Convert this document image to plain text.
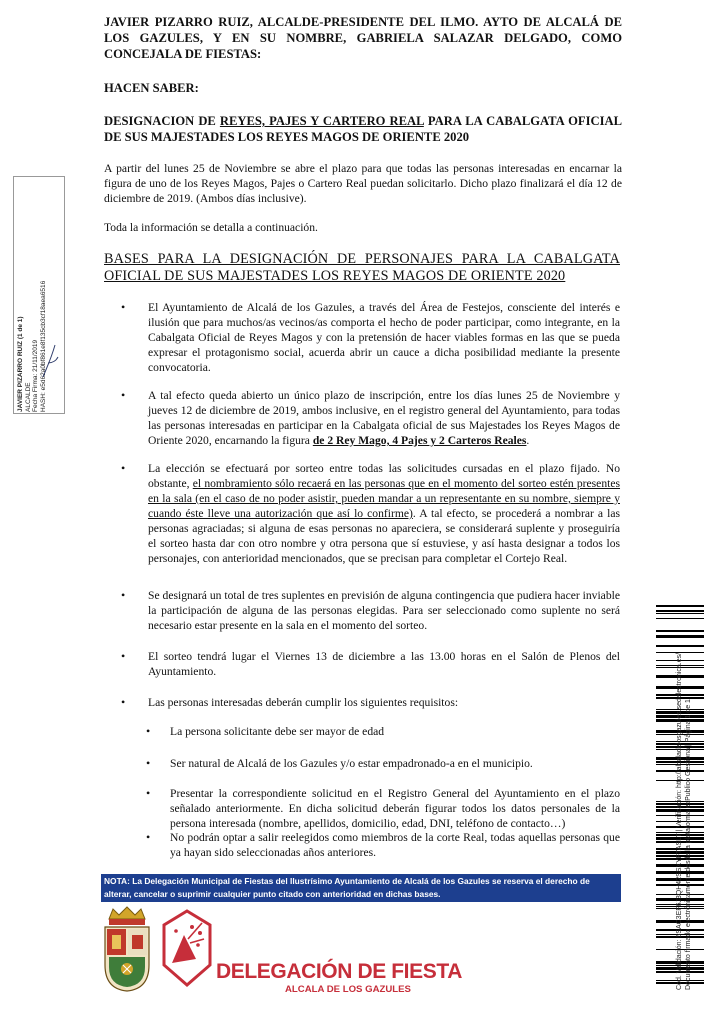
JAVIER PIZARRO RUIZ (1 de 1) ALCALDE Fecha Firma: 21/11/2019 HASH: e5d62a0bf861e8f135cb3cf18aea6516
JAVIER PIZARRO RUIZ, ALCALDE-PRESIDENTE DEL ILMO. AYTO DE ALCALÁ DE LOS GAZULES, Y EN SU NOMBRE, GABRIELA SALAZAR DELGADO, COMO CONCEJALA DE FIESTAS:
HACEN SABER:
DESIGNACION DE REYES, PAJES Y CARTERO REAL PARA LA CABALGATA OFICIAL DE SUS MAJESTADES LOS REYES MAGOS DE ORIENTE 2020
A partir del lunes 25 de Noviembre se abre el plazo para que todas las personas interesadas en encarnar la figura de uno de los Reyes Magos, Pajes o Cartero Real puedan solicitarlo. Dicho plazo finalizará el día 12 de diciembre de 2019. (Ambos días inclusive).
Toda la información se detalla a continuación.
BASES PARA LA DESIGNACIÓN DE PERSONAJES PARA LA CABALGATA OFICIAL DE SUS MAJESTADES LOS REYES MAGOS DE ORIENTE 2020
• El Ayuntamiento de Alcalá de los Gazules, a través del Área de Festejos, consciente del interés e ilusión que para muchos/as vecinos/as comporta el hecho de poder participar, como integrante, en la Cabalgata Oficial de Reyes Magos y con la pretensión de hacer viables formas en las que se pueda expresar el protagonismo social, acuerda abrir un cauce a dicha posibilidad mediante la presente convocatoria.
• A tal efecto queda abierto un único plazo de inscripción, entre los días lunes 25 de Noviembre y jueves 12 de diciembre de 2019, ambos inclusive, en el registro general del Ayuntamiento, para todas las personas interesadas en participar en la Cabalgata oficial de sus Majestades los Reyes Magos de Oriente 2020, encarnando la figura de 2 Rey Mago, 4 Pajes y 2 Carteros Reales.
• La elección se efectuará por sorteo entre todas las solicitudes cursadas en el plazo fijado. No obstante, el nombramiento sólo recaerá en las personas que en el momento del sorteo estén presentes en la sala (en el caso de no poder asistir, pueden mandar a un representante en su nombre, siempre y cuando éste lleve una autorización que así lo confirme). A tal efecto, se procederá a nombrar a las personas agraciadas; si alguna de esas personas no apareciera, se considerará suplente y proseguiría el sorteo hasta dar con otro nombre y otra persona que sí estuviese, y así hasta designar a todos los personajes, con anterioridad mencionados, que se precisan para completar el Cortejo Real.
• Se designará un total de tres suplentes en previsión de alguna contingencia que pudiera hacer inviable la participación de alguna de las personas elegidas. Para ser seleccionado como suplente no será necesario estar presente en la sala en el momento del sorteo.
• El sorteo tendrá lugar el Viernes 13 de diciembre a las 13.00 horas en el Salón de Plenos del Ayuntamiento.
• Las personas interesadas deberán cumplir los siguientes requisitos:
• La persona solicitante debe ser mayor de edad
• Ser natural de Alcalá de los Gazules y/o estar empadronado-a en el municipio.
• Presentar la correspondiente solicitud en el Registro General del Ayuntamiento en el plazo señalado anteriormente. En dicha solicitud deberán figurar todos los datos personales de la persona interesada (nombre, apellidos, domicilio, edad, DNI, teléfono de contacto…)
• No podrán optar a salir reelegidos como miembros de la corte Real, todas aquellas personas que ya hayan sido seleccionadas años anteriores.
NOTA: La Delegación Municipal de Fiestas del Ilustrísimo Ayuntamiento de Alcalá de los Gazules se reserva el derecho de alterar, cancelar o suprimir cualquier punto citado con anterioridad en dichas bases.
DELEGACIÓN DE FIESTA
ALCALA DE LOS GAZULES	Cod. Validación: 5SAC3EF6J3QH42SSXYFTASLT | Verificación: http://alcaladelosgazules.sedelectronica.es/ Documento firmado electrónicamente desde la plataforma esPublico Gestiona | Página 1 de 1
